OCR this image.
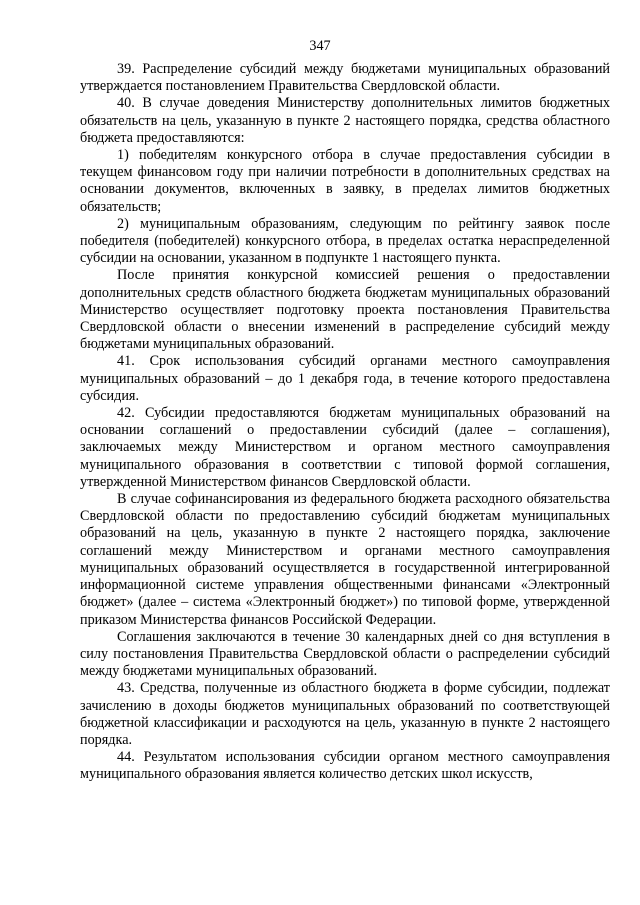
347

39. Распределение субсидий между бюджетами муниципальных образований утверждается постановлением Правительства Свердловской области.

40. В случае доведения Министерству дополнительных лимитов бюджетных обязательств на цель, указанную в пункте 2 настоящего порядка, средства областного бюджета предоставляются:

1) победителям конкурсного отбора в случае предоставления субсидии в текущем финансовом году при наличии потребности в дополнительных средствах на основании документов, включенных в заявку, в пределах лимитов бюджетных обязательств;

2) муниципальным образованиям, следующим по рейтингу заявок после победителя (победителей) конкурсного отбора, в пределах остатка нераспределенной субсидии на основании, указанном в подпункте 1 настоящего пункта.

После принятия конкурсной комиссией решения о предоставлении дополнительных средств областного бюджета бюджетам муниципальных образований Министерство осуществляет подготовку проекта постановления Правительства Свердловской области о внесении изменений в распределение субсидий между бюджетами муниципальных образований.

41. Срок использования субсидий органами местного самоуправления муниципальных образований – до 1 декабря года, в течение которого предоставлена субсидия.

42. Субсидии предоставляются бюджетам муниципальных образований на основании соглашений о предоставлении субсидий (далее – соглашения), заключаемых между Министерством и органом местного самоуправления муниципального образования в соответствии с типовой формой соглашения, утвержденной Министерством финансов Свердловской области.

В случае софинансирования из федерального бюджета расходного обязательства Свердловской области по предоставлению субсидий бюджетам муниципальных образований на цель, указанную в пункте 2 настоящего порядка, заключение соглашений между Министерством и органами местного самоуправления муниципальных образований осуществляется в государственной интегрированной информационной системе управления общественными финансами «Электронный бюджет» (далее – система «Электронный бюджет») по типовой форме, утвержденной приказом Министерства финансов Российской Федерации.

Соглашения заключаются в течение 30 календарных дней со дня вступления в силу постановления Правительства Свердловской области о распределении субсидий между бюджетами муниципальных образований.

43. Средства, полученные из областного бюджета в форме субсидии, подлежат зачислению в доходы бюджетов муниципальных образований по соответствующей бюджетной классификации и расходуются на цель, указанную в пункте 2 настоящего порядка.

44. Результатом использования субсидии органом местного самоуправления муниципального образования является количество детских школ искусств,
